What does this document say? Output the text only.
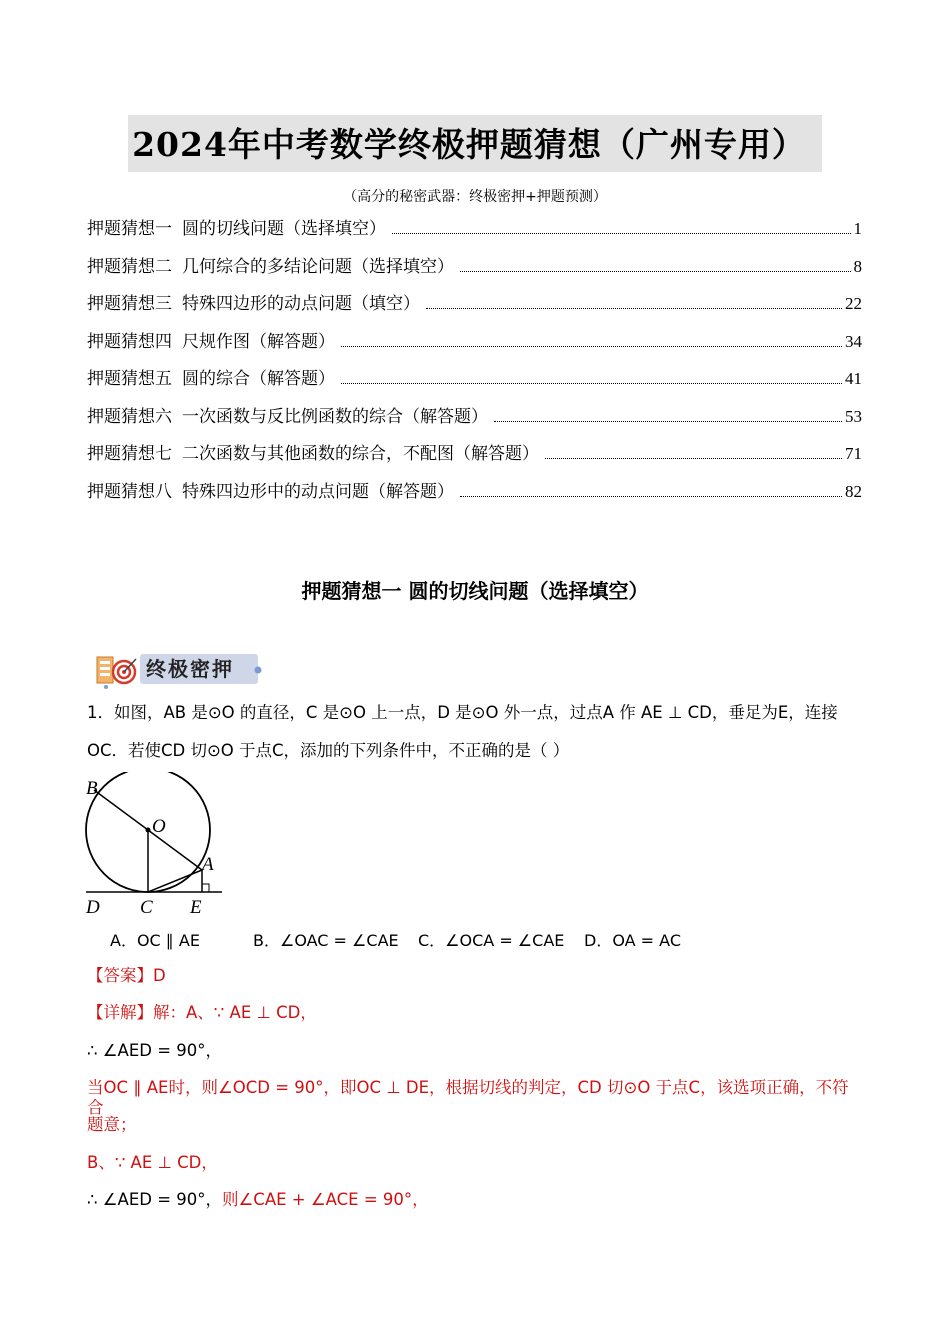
2024年中考数学终极押题猜想（广州专用）
（高分的秘密武器：终极密押+押题预测）
押题猜想一 圆的切线问题（选择填空）	1
押题猜想二 几何综合的多结论问题（选择填空）	8
押题猜想三 特殊四边形的动点问题（填空）	22
押题猜想四 尺规作图（解答题）	34
押题猜想五 圆的综合（解答题）	41
押题猜想六 一次函数与反比例函数的综合（解答题）	53
押题猜想七 二次函数与其他函数的综合，不配图（解答题）	71
押题猜想八 特殊四边形中的动点问题（解答题）	82
押题猜想一 圆的切线问题（选择填空）
终极密押
1．如图，AB 是⊙O 的直径，C 是⊙O 上一点，D 是⊙O 外一点，过点A 作 AE ⊥ CD，垂足为E，连接
OC．若使CD 切⊙O 于点C，添加的下列条件中，不正确的是（ ）
B
O
A
D C E
A．OC ∥ AE	B．∠OAC = ∠CAE C．∠OCA = ∠CAE D．OA = AC
【答案】D
【详解】解：A、∵ AE ⊥ CD，
∴ ∠AED = 90°，
当OC ∥ AE时，则∠OCD = 90°，即OC ⊥ DE，根据切线的判定，CD 切⊙O 于点C，该选项正确，不符合
题意；
B、∵ AE ⊥ CD，
∴ ∠AED = 90°，则∠CAE + ∠ACE = 90°，
